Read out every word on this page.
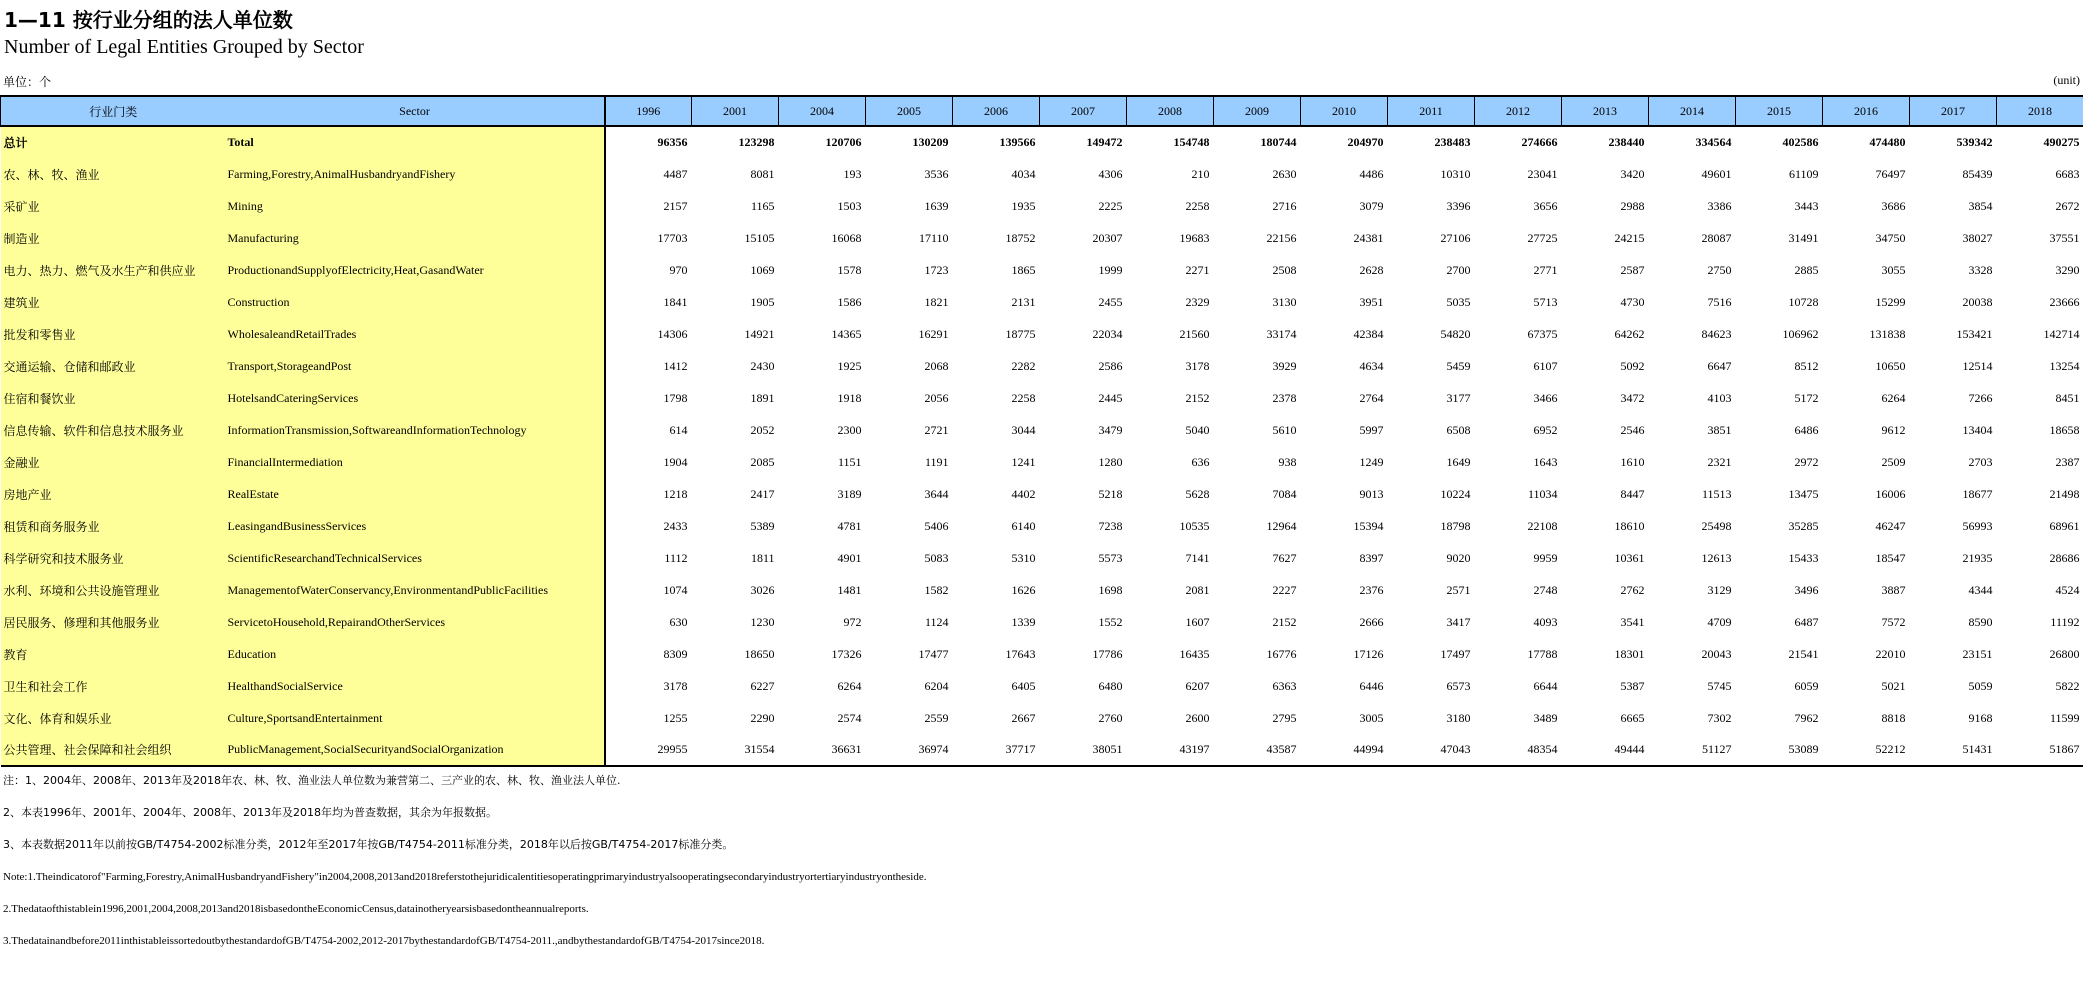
1—11 按行业分组的法人单位数
Number of Legal Entities Grouped by Sector
单位：个	(unit)
行业门类	Sector	1996	2001	2004	2005	2006	2007	2008	2009	2010	2011	2012	2013	2014	2015	2016	2017	2018
总计	Total	96356	123298	120706	130209	139566	149472	154748	180744	204970	238483	274666	238440	334564	402586	474480	539342	490275
农、林、牧、渔业	Farming,Forestry,AnimalHusbandryandFishery	4487	8081	193	3536	4034	4306	210	2630	4486	10310	23041	3420	49601	61109	76497	85439	6683
采矿业	Mining	2157	1165	1503	1639	1935	2225	2258	2716	3079	3396	3656	2988	3386	3443	3686	3854	2672
制造业	Manufacturing	17703	15105	16068	17110	18752	20307	19683	22156	24381	27106	27725	24215	28087	31491	34750	38027	37551
电力、热力、燃气及水生产和供应业	ProductionandSupplyofElectricity,Heat,GasandWater	970	1069	1578	1723	1865	1999	2271	2508	2628	2700	2771	2587	2750	2885	3055	3328	3290
建筑业	Construction	1841	1905	1586	1821	2131	2455	2329	3130	3951	5035	5713	4730	7516	10728	15299	20038	23666
批发和零售业	WholesaleandRetailTrades	14306	14921	14365	16291	18775	22034	21560	33174	42384	54820	67375	64262	84623	106962	131838	153421	142714
交通运输、仓储和邮政业	Transport,StorageandPost	1412	2430	1925	2068	2282	2586	3178	3929	4634	5459	6107	5092	6647	8512	10650	12514	13254
住宿和餐饮业	HotelsandCateringServices	1798	1891	1918	2056	2258	2445	2152	2378	2764	3177	3466	3472	4103	5172	6264	7266	8451
信息传输、软件和信息技术服务业	InformationTransmission,SoftwareandInformationTechnology	614	2052	2300	2721	3044	3479	5040	5610	5997	6508	6952	2546	3851	6486	9612	13404	18658
金融业	FinancialIntermediation	1904	2085	1151	1191	1241	1280	636	938	1249	1649	1643	1610	2321	2972	2509	2703	2387
房地产业	RealEstate	1218	2417	3189	3644	4402	5218	5628	7084	9013	10224	11034	8447	11513	13475	16006	18677	21498
租赁和商务服务业	LeasingandBusinessServices	2433	5389	4781	5406	6140	7238	10535	12964	15394	18798	22108	18610	25498	35285	46247	56993	68961
科学研究和技术服务业	ScientificResearchandTechnicalServices	1112	1811	4901	5083	5310	5573	7141	7627	8397	9020	9959	10361	12613	15433	18547	21935	28686
水利、环境和公共设施管理业	ManagementofWaterConservancy,EnvironmentandPublicFacilities	1074	3026	1481	1582	1626	1698	2081	2227	2376	2571	2748	2762	3129	3496	3887	4344	4524
居民服务、修理和其他服务业	ServicetoHousehold,RepairandOtherServices	630	1230	972	1124	1339	1552	1607	2152	2666	3417	4093	3541	4709	6487	7572	8590	11192
教育	Education	8309	18650	17326	17477	17643	17786	16435	16776	17126	17497	17788	18301	20043	21541	22010	23151	26800
卫生和社会工作	HealthandSocialService	3178	6227	6264	6204	6405	6480	6207	6363	6446	6573	6644	5387	5745	6059	5021	5059	5822
文化、体育和娱乐业	Culture,SportsandEntertainment	1255	2290	2574	2559	2667	2760	2600	2795	3005	3180	3489	6665	7302	7962	8818	9168	11599
公共管理、社会保障和社会组织	PublicManagement,SocialSecurityandSocialOrganization	29955	31554	36631	36974	37717	38051	43197	43587	44994	47043	48354	49444	51127	53089	52212	51431	51867
注：1、2004年、2008年、2013年及2018年农、林、牧、渔业法人单位数为兼营第二、三产业的农、林、牧、渔业法人单位.
2、本表1996年、2001年、2004年、2008年、2013年及2018年均为普查数据，其余为年报数据。
3、本表数据2011年以前按GB/T4754-2002标准分类，2012年至2017年按GB/T4754-2011标准分类，2018年以后按GB/T4754-2017标准分类。
Note:1.Theindicatorof"Farming,Forestry,AnimalHusbandryandFishery"in2004,2008,2013and2018referstothejuridicalentitiesoperatingprimaryindustryalsooperatingsecondaryindustryortertiaryindustryontheside.
2.Thedataofthistablein1996,2001,2004,2008,2013and2018isbasedontheEconomicCensus,datainotheryearsisbasedontheannualreports.
3.Thedatainandbefore2011inthistableissortedoutbythestandardofGB/T4754-2002,2012-2017bythestandardofGB/T4754-2011.,andbythestandardofGB/T4754-2017since2018.
